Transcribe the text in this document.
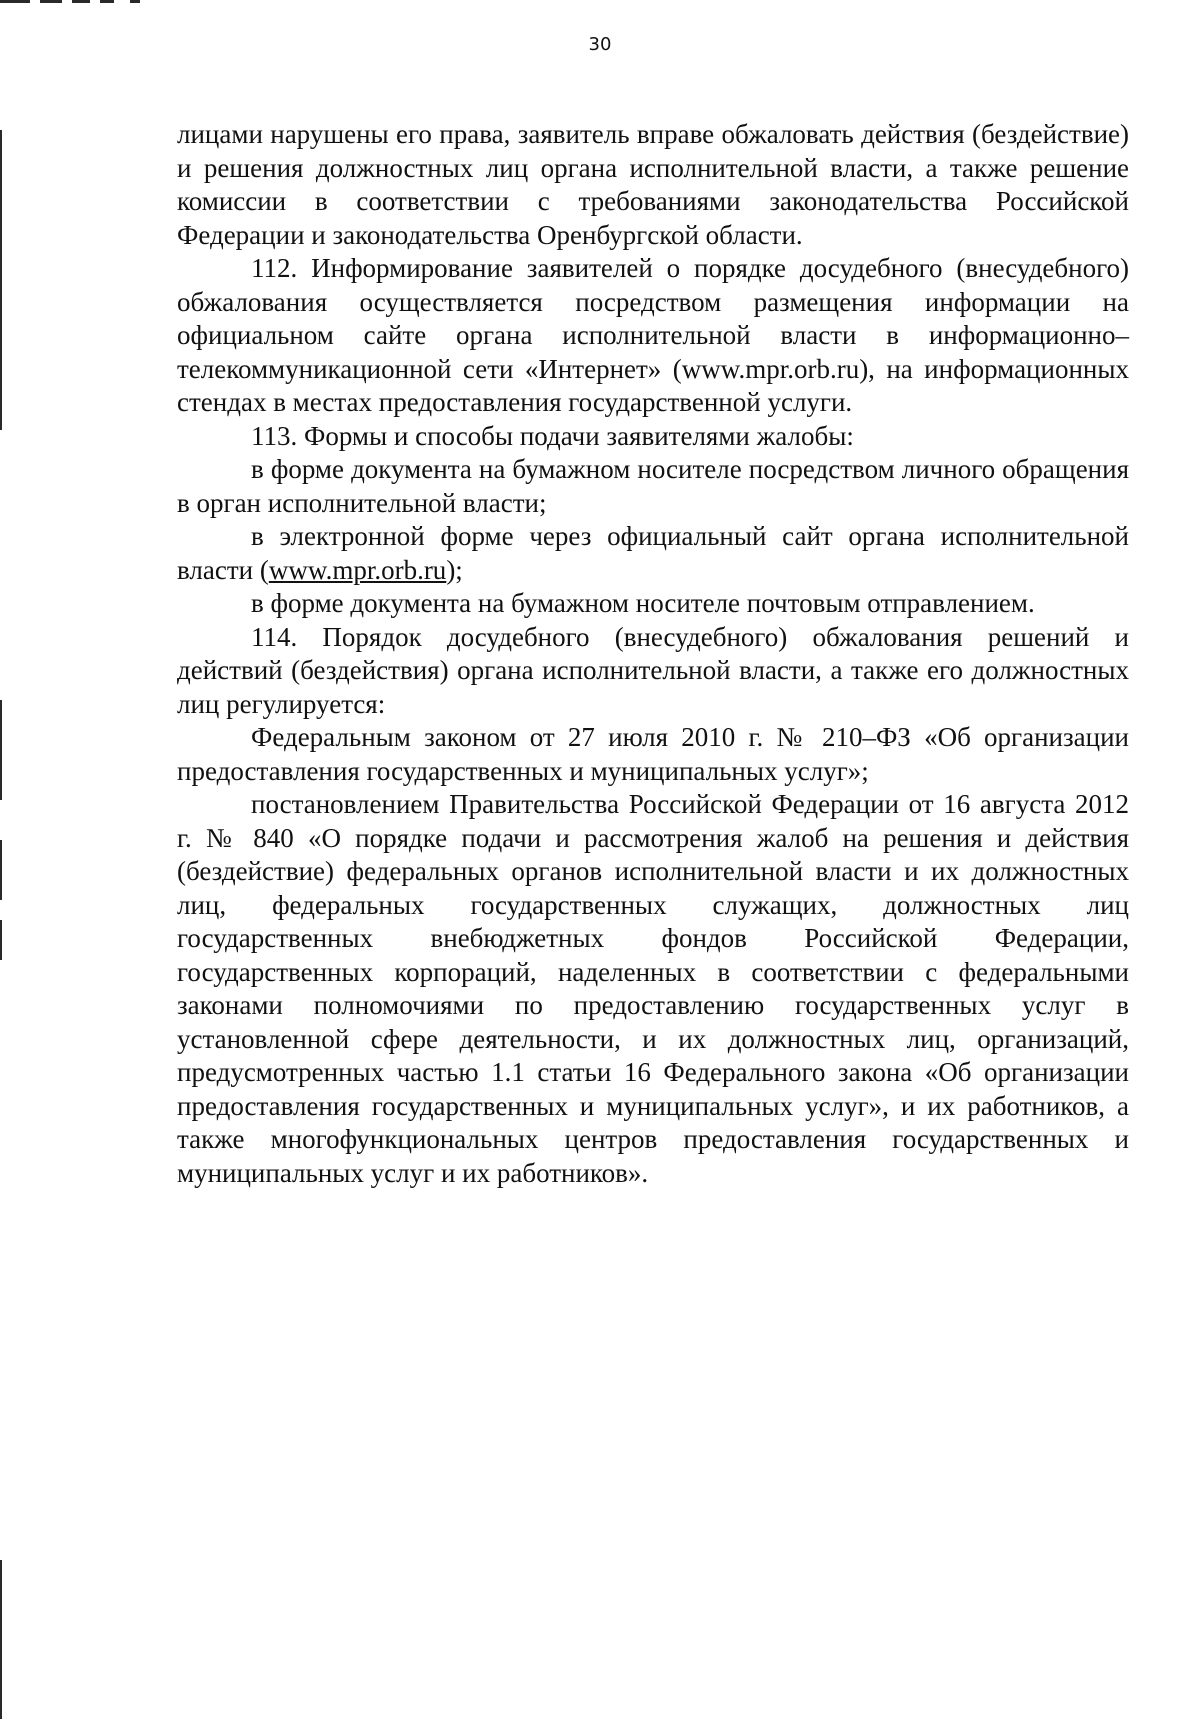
30

лицами нарушены его права, заявитель вправе обжаловать действия (бездействие) и решения должностных лиц органа исполнительной власти, а также решение комиссии в соответствии с требованиями законодательства Российской Федерации и законодательства Оренбургской области.

112. Информирование заявителей о порядке досудебного (внесудебного) обжалования осуществляется посредством размещения информации на официальном сайте органа исполнительной власти в информационно–телекоммуникационной сети «Интернет» (www.mpr.orb.ru), на информационных стендах в местах предоставления государственной услуги.

113. Формы и способы подачи заявителями жалобы:

в форме документа на бумажном носителе посредством личного обращения в орган исполнительной власти;

в электронной форме через официальный сайт органа исполнительной власти (www.mpr.orb.ru);

в форме документа на бумажном носителе почтовым отправлением.

114. Порядок досудебного (внесудебного) обжалования решений и действий (бездействия) органа исполнительной власти, а также его должностных лиц регулируется:

Федеральным законом от 27 июля 2010 г. № 210–ФЗ «Об организации предоставления государственных и муниципальных услуг»;

постановлением Правительства Российской Федерации от 16 августа 2012 г. № 840 «О порядке подачи и рассмотрения жалоб на решения и действия (бездействие) федеральных органов исполнительной власти и их должностных лиц, федеральных государственных служащих, должностных лиц государственных внебюджетных фондов Российской Федерации, государственных корпораций, наделенных в соответствии с федеральными законами полномочиями по предоставлению государственных услуг в установленной сфере деятельности, и их должностных лиц, организаций, предусмотренных частью 1.1 статьи 16 Федерального закона «Об организации предоставления государственных и муниципальных услуг», и их работников, а также многофункциональных центров предоставления государственных и муниципальных услуг и их работников».
